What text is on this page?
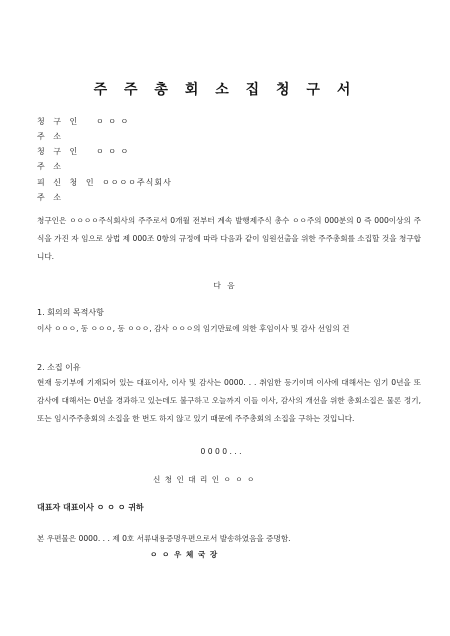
주 주 총 회 소 집 청 구 서
청 구 인 ㅇ ㅇ ㅇ
주 소
청 구 인 ㅇ ㅇ ㅇ
주 소
피 신 청 인 ㅇㅇㅇㅇ주식회사
주 소
청구인은 ㅇㅇㅇㅇ주식회사의 주주로서 0개월 전부터 계속 발행제주식 총수 ㅇㅇ주의 000분의 0 즉 000이상의 주식을 가진 자 임으로 상법 제 000조 0항의 규정에 따라 다음과 같이 임원선출을 위한 주주총회를 소집할 것을 청구합니다.
다 음
1. 회의의 목적사항
이사 ㅇㅇㅇ, 동 ㅇㅇㅇ, 동 ㅇㅇㅇ, 감사 ㅇㅇㅇ의 임기만료에 의한 후임이사 및 감사 선임의 건
2. 소집 이유
현재 등기부에 기재되어 있는 대표이사, 이사 및 감사는 0000. . . 취임한 등기이며 이사에 대해서는 임기 0년을 또 감사에 대해서는 0년을 경과하고 있는데도 불구하고 오늘까지 이들 이사, 감사의 개선을 위한 총회소집은 물론 정기, 또는 임시주주총회의 소집을 한 번도 하지 않고 있기 때문에 주주총회의 소집을 구하는 것입니다.
0 0 0 0 . . .
신 청 인 대 리 인 ㅇ ㅇ ㅇ
대표자 대표이사 ㅇ ㅇ ㅇ 귀하
본 우편물은 0000. . . 제 0호 서류내용증명우편으로서 발송하였음을 증명함.
ㅇ ㅇ 우 체 국 장
